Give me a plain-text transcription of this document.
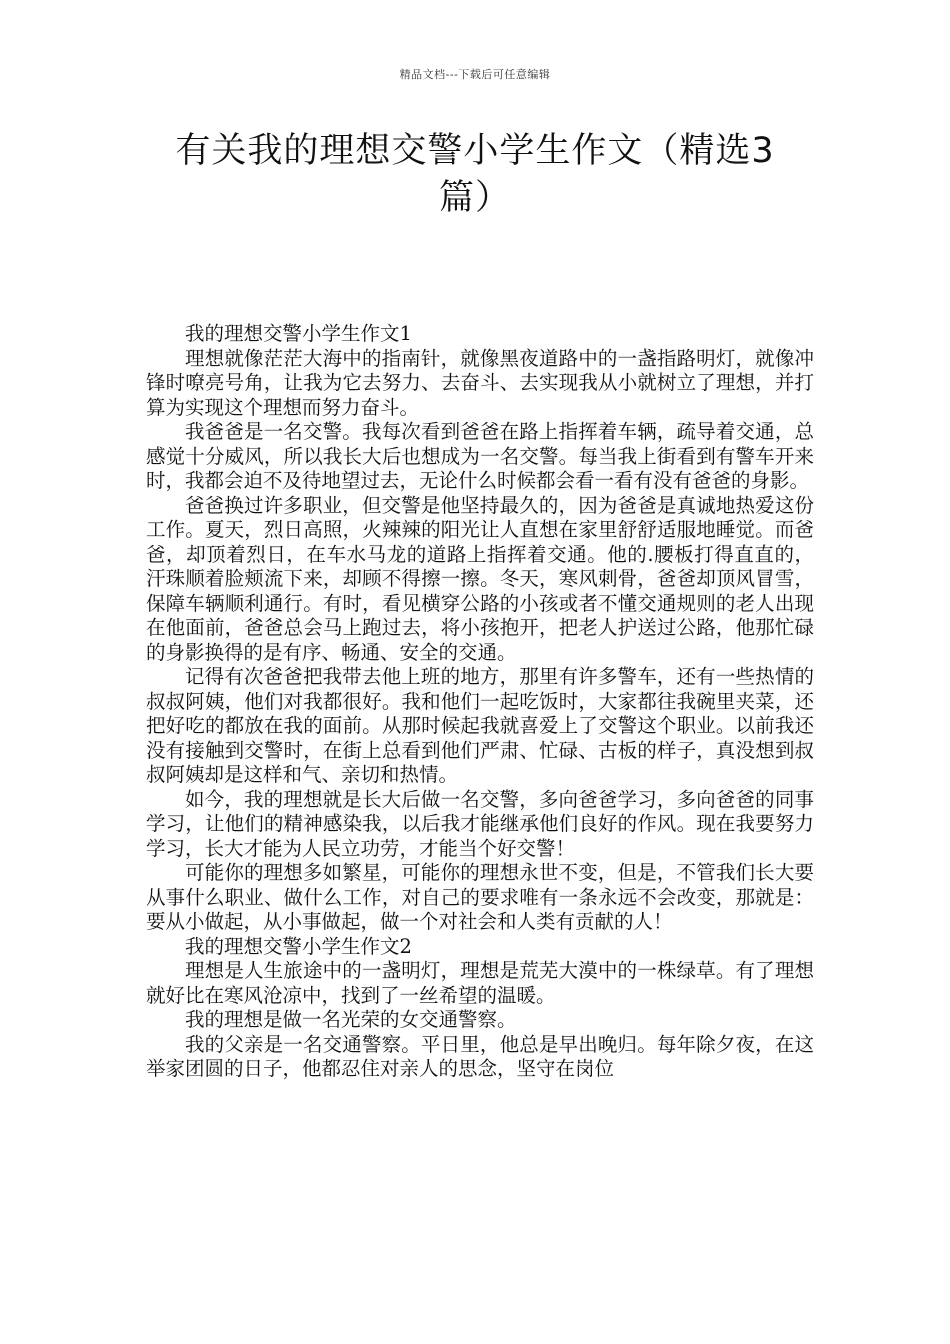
精品文档---下载后可任意编辑
有关我的理想交警小学生作文（精选3篇）

我的理想交警小学生作文1

理想就像茫茫大海中的指南针，就像黑夜道路中的一盏指路明灯，就像冲锋时嘹亮号角，让我为它去努力、去奋斗、去实现我从小就树立了理想，并打算为实现这个理想而努力奋斗。

我爸爸是一名交警。我每次看到爸爸在路上指挥着车辆，疏导着交通，总感觉十分威风，所以我长大后也想成为一名交警。每当我上街看到有警车开来时，我都会迫不及待地望过去，无论什么时候都会看一看有没有爸爸的身影。

爸爸换过许多职业，但交警是他坚持最久的，因为爸爸是真诚地热爱这份工作。夏天，烈日高照，火辣辣的阳光让人直想在家里舒舒适服地睡觉。而爸爸，却顶着烈日，在车水马龙的道路上指挥着交通。他的.腰板打得直直的，汗珠顺着脸颊流下来，却顾不得擦一擦。冬天，寒风刺骨，爸爸却顶风冒雪，保障车辆顺利通行。有时，看见横穿公路的小孩或者不懂交通规则的老人出现在他面前，爸爸总会马上跑过去，将小孩抱开，把老人护送过公路，他那忙碌的身影换得的是有序、畅通、安全的交通。

记得有次爸爸把我带去他上班的地方，那里有许多警车，还有一些热情的叔叔阿姨，他们对我都很好。我和他们一起吃饭时，大家都往我碗里夹菜，还把好吃的都放在我的面前。从那时候起我就喜爱上了交警这个职业。以前我还没有接触到交警时，在街上总看到他们严肃、忙碌、古板的样子，真没想到叔叔阿姨却是这样和气、亲切和热情。

如今，我的理想就是长大后做一名交警，多向爸爸学习，多向爸爸的同事学习，让他们的精神感染我，以后我才能继承他们良好的作风。现在我要努力学习，长大才能为人民立功劳，才能当个好交警！

可能你的理想多如繁星，可能你的理想永世不变，但是，不管我们长大要从事什么职业、做什么工作，对自己的要求唯有一条永远不会改变，那就是：要从小做起，从小事做起，做一个对社会和人类有贡献的人！

我的理想交警小学生作文2

理想是人生旅途中的一盏明灯，理想是荒芜大漠中的一株绿草。有了理想就好比在寒风沧凉中，找到了一丝希望的温暖。

我的理想是做一名光荣的女交通警察。

我的父亲是一名交通警察。平日里，他总是早出晚归。每年除夕夜，在这举家团圆的日子，他都忍住对亲人的思念，坚守在岗位
